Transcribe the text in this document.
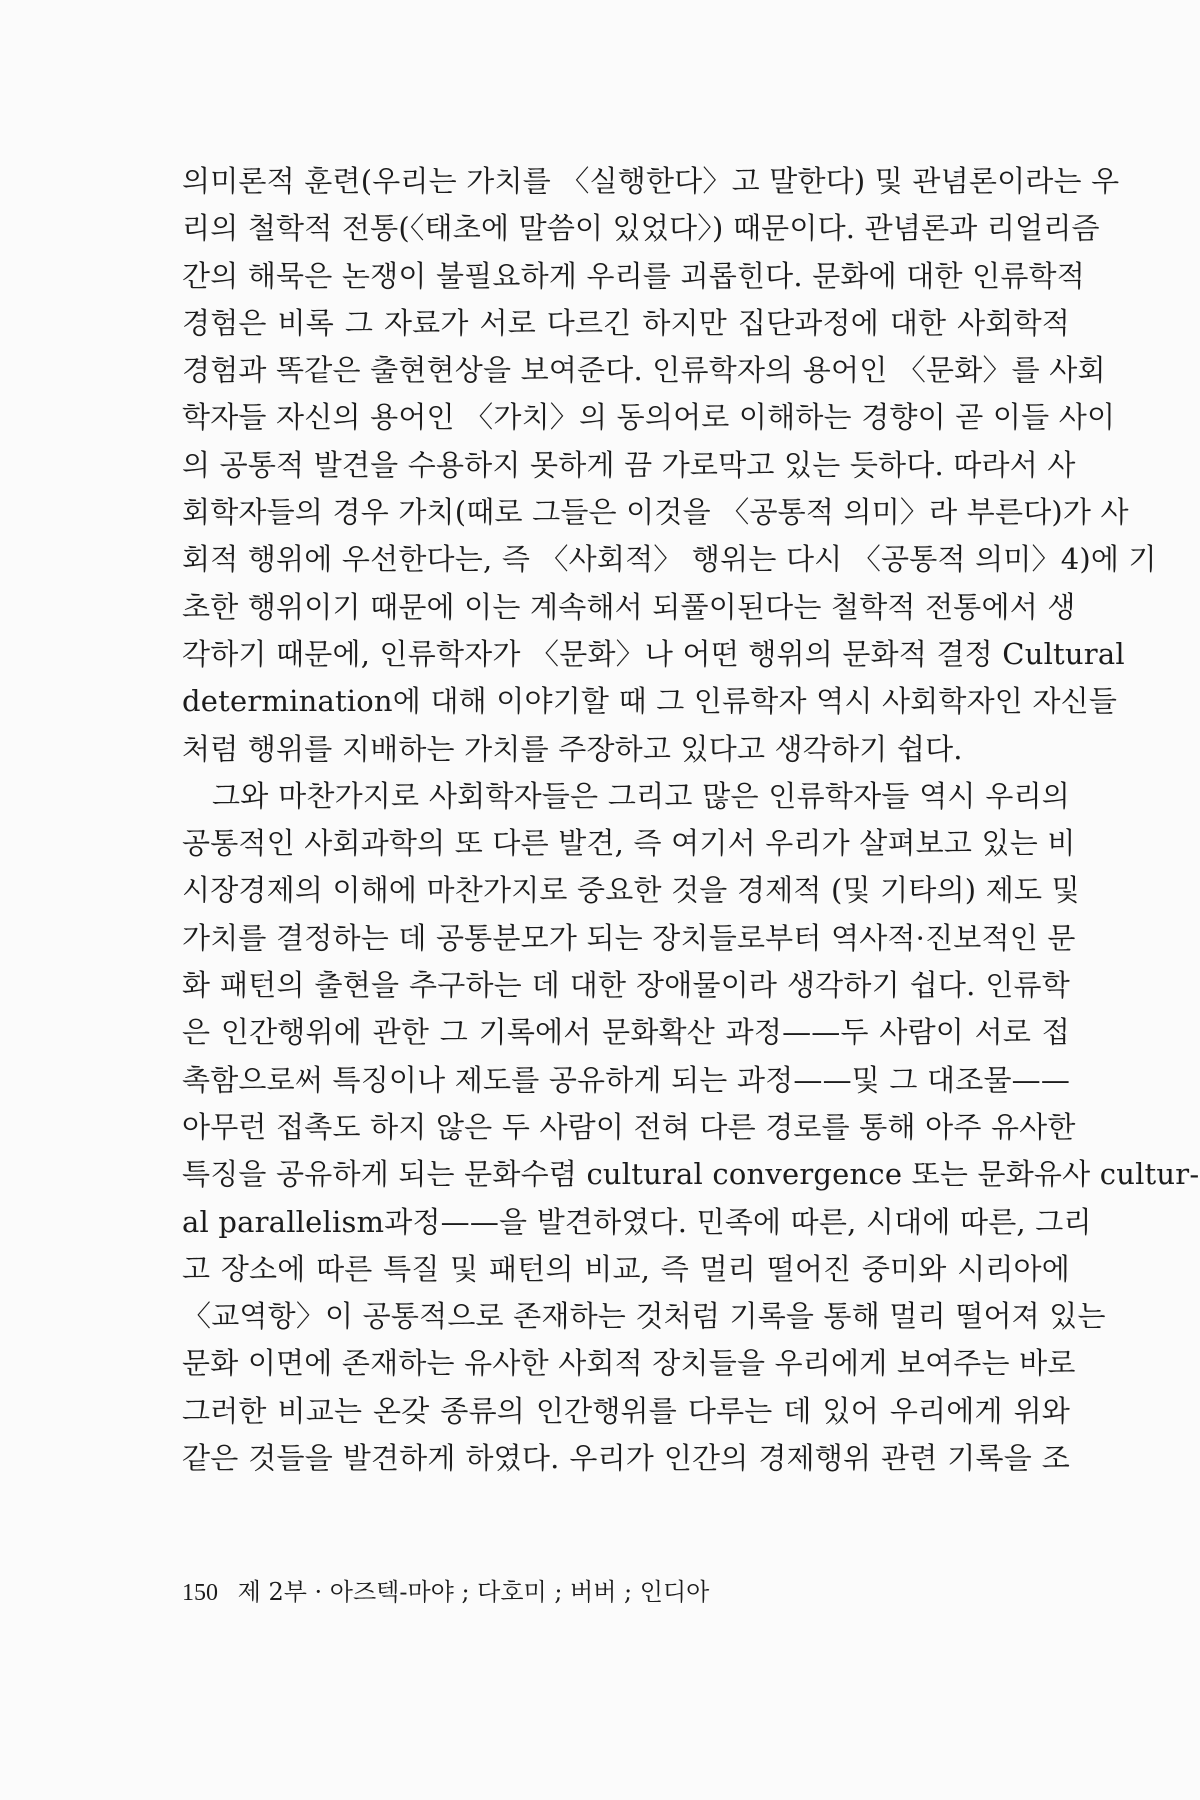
의미론적 훈련(우리는 가치를 〈실행한다〉고 말한다) 및 관념론이라는 우
리의 철학적 전통(〈태초에 말씀이 있었다〉) 때문이다. 관념론과 리얼리즘
간의 해묵은 논쟁이 불필요하게 우리를 괴롭힌다. 문화에 대한 인류학적
경험은 비록 그 자료가 서로 다르긴 하지만 집단과정에 대한 사회학적
경험과 똑같은 출현현상을 보여준다. 인류학자의 용어인 〈문화〉를 사회
학자들 자신의 용어인 〈가치〉의 동의어로 이해하는 경향이 곧 이들 사이
의 공통적 발견을 수용하지 못하게 끔 가로막고 있는 듯하다. 따라서 사
회학자들의 경우 가치(때로 그들은 이것을 〈공통적 의미〉라 부른다)가 사
회적 행위에 우선한다는, 즉 〈사회적〉 행위는 다시 〈공통적 의미〉4)에 기
초한 행위이기 때문에 이는 계속해서 되풀이된다는 철학적 전통에서 생
각하기 때문에, 인류학자가 〈문화〉나 어떤 행위의 문화적 결정 Cultural
determination에 대해 이야기할 때 그 인류학자 역시 사회학자인 자신들
처럼 행위를 지배하는 가치를 주장하고 있다고 생각하기 쉽다.
그와 마찬가지로 사회학자들은 그리고 많은 인류학자들 역시 우리의
공통적인 사회과학의 또 다른 발견, 즉 여기서 우리가 살펴보고 있는 비
시장경제의 이해에 마찬가지로 중요한 것을 경제적 (및 기타의) 제도 및
가치를 결정하는 데 공통분모가 되는 장치들로부터 역사적·진보적인 문
화 패턴의 출현을 추구하는 데 대한 장애물이라 생각하기 쉽다. 인류학
은 인간행위에 관한 그 기록에서 문화확산 과정——두 사람이 서로 접
촉함으로써 특징이나 제도를 공유하게 되는 과정——및 그 대조물——
아무런 접촉도 하지 않은 두 사람이 전혀 다른 경로를 통해 아주 유사한
특징을 공유하게 되는 문화수렴 cultural convergence 또는 문화유사 cultur-
al parallelism과정——을 발견하였다. 민족에 따른, 시대에 따른, 그리
고 장소에 따른 특질 및 패턴의 비교, 즉 멀리 떨어진 중미와 시리아에
〈교역항〉이 공통적으로 존재하는 것처럼 기록을 통해 멀리 떨어져 있는
문화 이면에 존재하는 유사한 사회적 장치들을 우리에게 보여주는 바로
그러한 비교는 온갖 종류의 인간행위를 다루는 데 있어 우리에게 위와
같은 것들을 발견하게 하였다. 우리가 인간의 경제행위 관련 기록을 조
150 제 2부 · 아즈텍-마야 ; 다호미 ; 버버 ; 인디아
